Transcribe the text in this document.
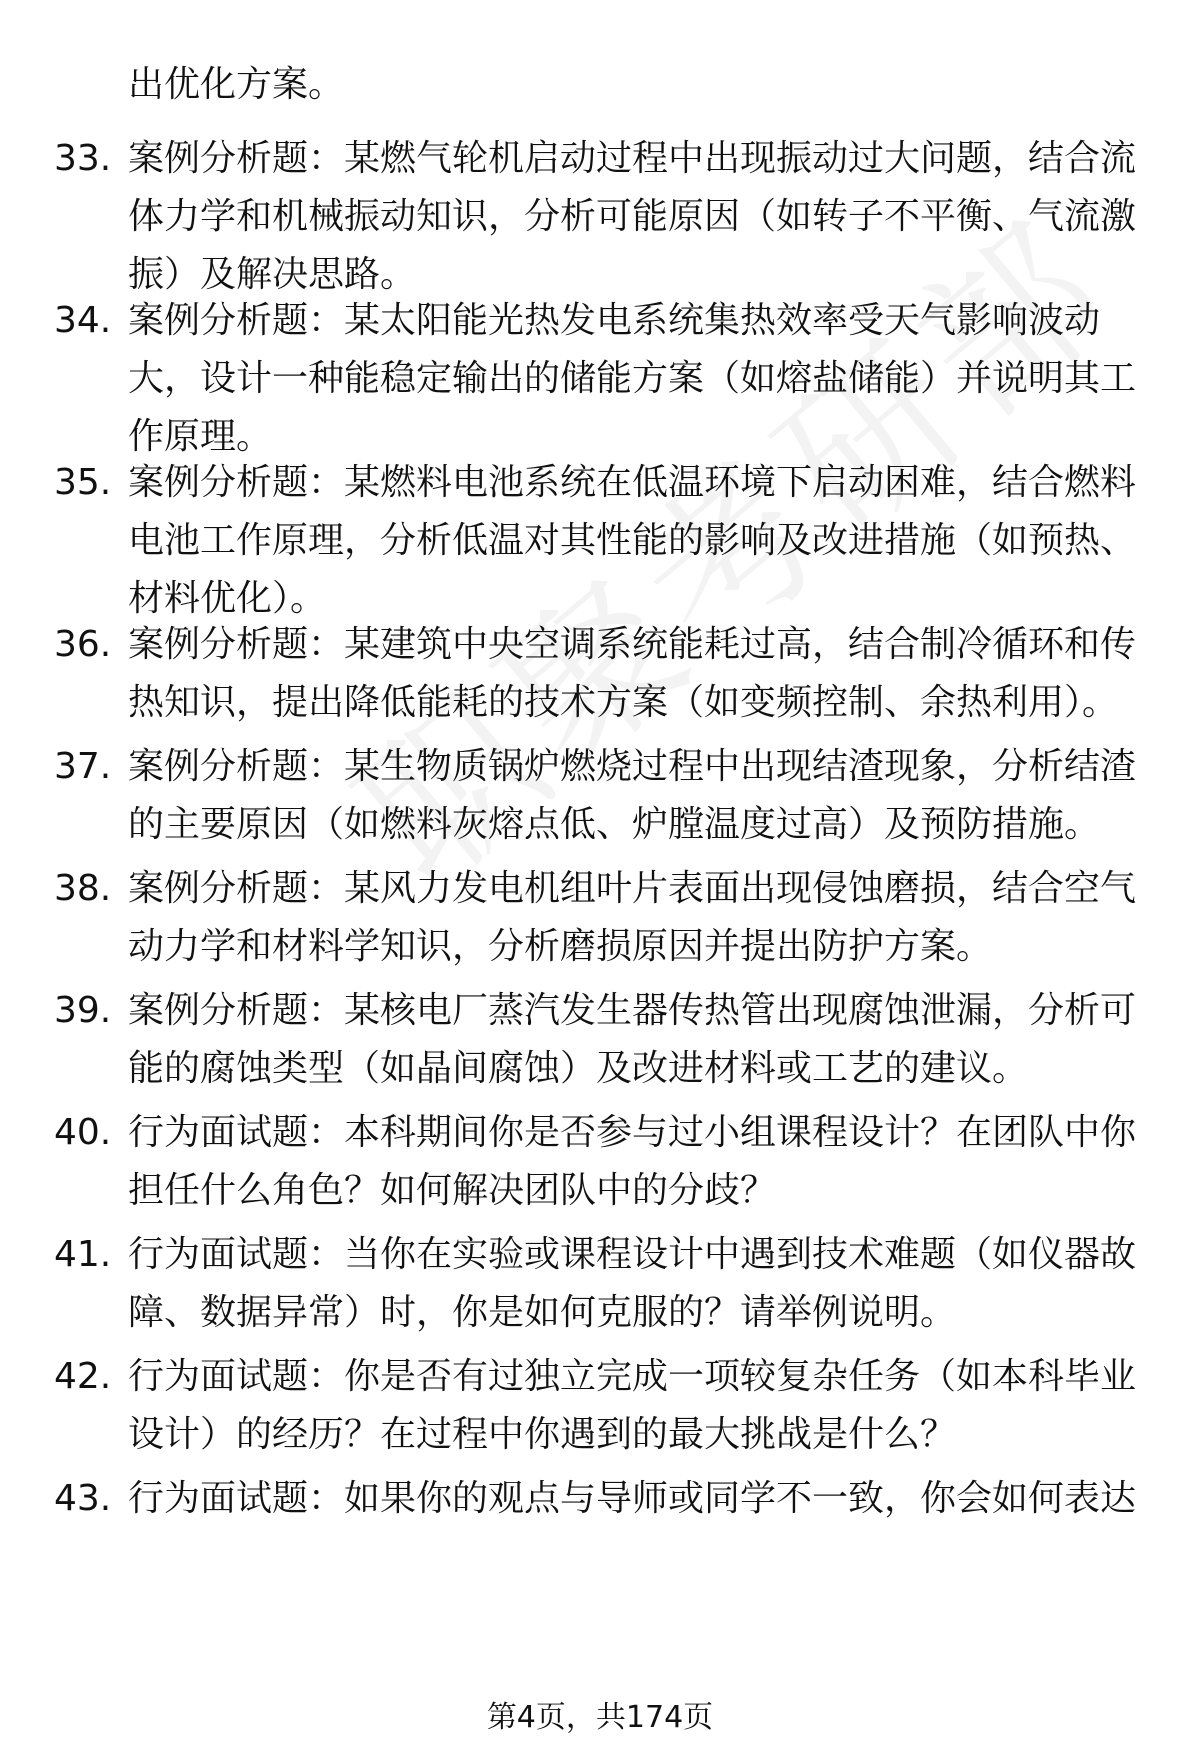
出优化方案。

33. 案例分析题：某燃气轮机启动过程中出现振动过大问题，结合流体力学和机械振动知识，分析可能原因（如转子不平衡、气流激振）及解决思路。

34. 案例分析题：某太阳能光热发电系统集热效率受天气影响波动大，设计一种能稳定输出的储能方案（如熔盐储能）并说明其工作原理。

35. 案例分析题：某燃料电池系统在低温环境下启动困难，结合燃料电池工作原理，分析低温对其性能的影响及改进措施（如预热、材料优化）。

36. 案例分析题：某建筑中央空调系统能耗过高，结合制冷循环和传热知识，提出降低能耗的技术方案（如变频控制、余热利用）。

37. 案例分析题：某生物质锅炉燃烧过程中出现结渣现象，分析结渣的主要原因（如燃料灰熔点低、炉膛温度过高）及预防措施。

38. 案例分析题：某风力发电机组叶片表面出现侵蚀磨损，结合空气动力学和材料学知识，分析磨损原因并提出防护方案。

39. 案例分析题：某核电厂蒸汽发生器传热管出现腐蚀泄漏，分析可能的腐蚀类型（如晶间腐蚀）及改进材料或工艺的建议。

40. 行为面试题：本科期间你是否参与过小组课程设计？在团队中你担任什么角色？如何解决团队中的分歧？

41. 行为面试题：当你在实验或课程设计中遇到技术难题（如仪器故障、数据异常）时，你是如何克服的？请举例说明。

42. 行为面试题：你是否有过独立完成一项较复杂任务（如本科毕业设计）的经历？在过程中你遇到的最大挑战是什么？

43. 行为面试题：如果你的观点与导师或同学不一致，你会如何表达

第4页，共174页
